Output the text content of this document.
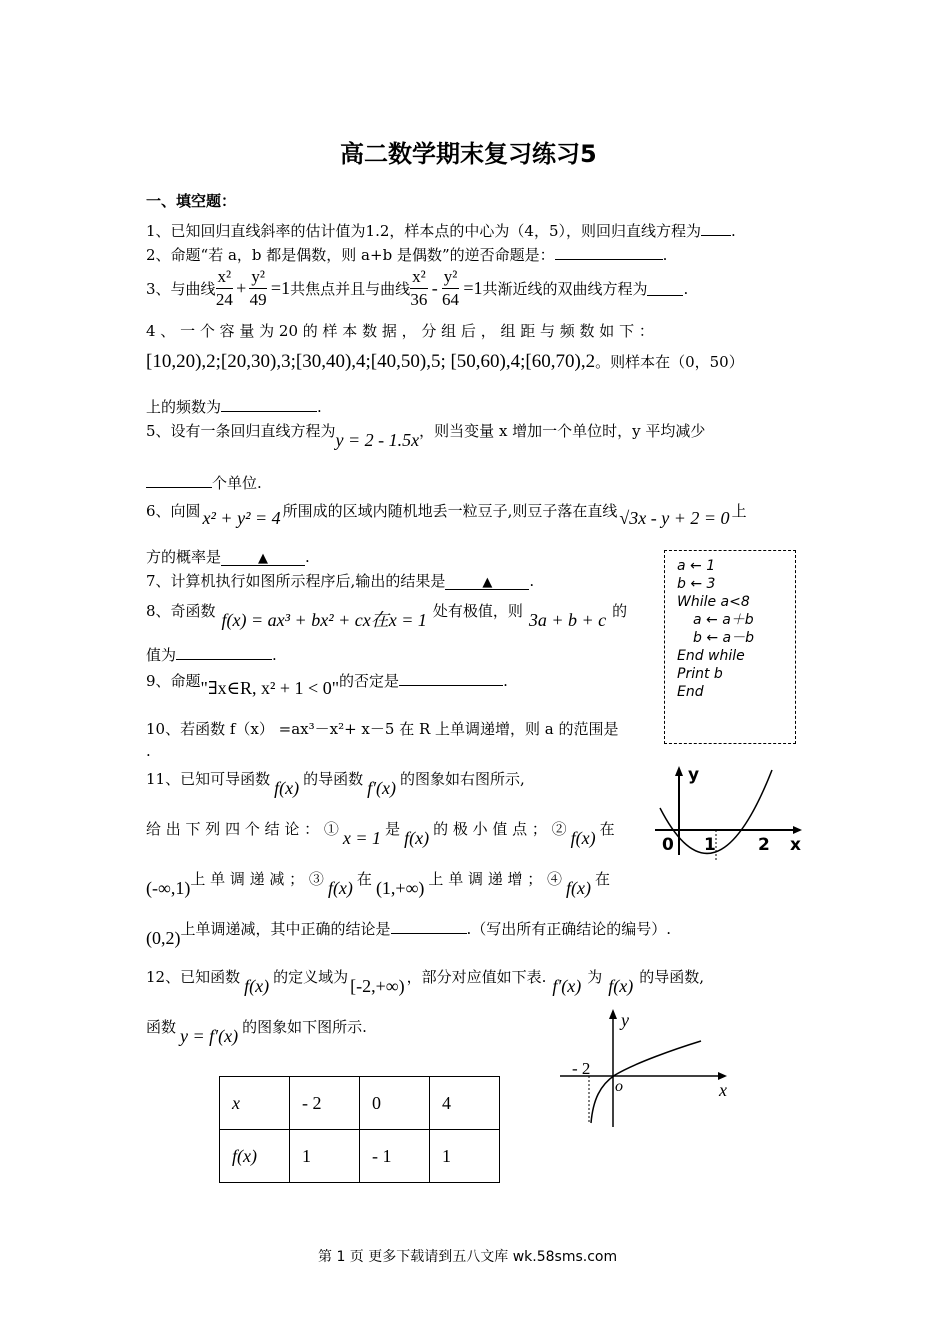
高二数学期末复习练习5
一、填空题：
1、已知回归直线斜率的估计值为1.2，样本点的中心为（4，5），则回归直线方程为 .
2、命题“若 a，b 都是偶数，则 a+b 是偶数”的逆否命题是：	.
3、与曲线 $\frac{\text{x²}}{24} + \frac{\text{y²}}{49} =1$ 共焦点并且与曲线 $\frac{\text{x²}}{36} - \frac{\text{y²}}{64} =1$ 共渐近线的双曲线方程为 .
4 、 一 个 容 量 为 20 的 样 本 数 据 ， 分 组 后 ， 组 距 与 频 数 如 下 ：
[10,20),2;[20,30),3;[30,40),4;[40,50),5; [50,60),4;[60,70),2。则样本在（0，50）
上的频数为	.
5、设有一条回归直线方程为y = 2 - 1.5x，则当变量 x 增加一个单位时，y 平均减少
个单位.
6、向圆 x² + y² = 4 所围成的区域内随机地丢一粒豆子,则豆子落在直线 √3x - y + 2 = 0 上
方的概率是	▲ .
7、计算机执行如图所示程序后,输出的结果是	▲ .
8、奇函数 f(x) = ax³ + bx² + cx在x = 1 处有极值，则 3a + b + c 的
值为	.
9、命题"∃x∈R, x² + 1 < 0"的否定是	.
10、若函数 f（x） =ax³－x²+ x－5 在 R 上单调递增，则 a 的范围是
.
a ← 1
b ← 3
While a<8
a ← a＋b
b ← a－b
End while
Print b
End
11、已知可导函数 f(x) 的导函数 f′(x) 的图象如右图所示,
给 出 下 列 四 个 结 论 ： ① x = 1 是 f(x) 的 极 小 值 点 ； ② f(x) 在
(-∞,1)上 单 调 递 减 ； ③ f(x) 在 (1,+∞) 上 单 调 递 增 ； ④ f(x) 在
(0,2)上单调递减，其中正确的结论是	.（写出所有正确结论的编号）.
y
x
0 1 2
12、已知函数 f(x) 的定义域为 [-2,+∞) ，部分对应值如下表. f′(x) 为 f(x) 的导函数,
函数 y = f′(x) 的图象如下图所示.	y
x
o
- 2
x	- 2	0	4
f(x)	1	- 1	1
第 1 页 更多下载请到五八文库 wk.58sms.com
